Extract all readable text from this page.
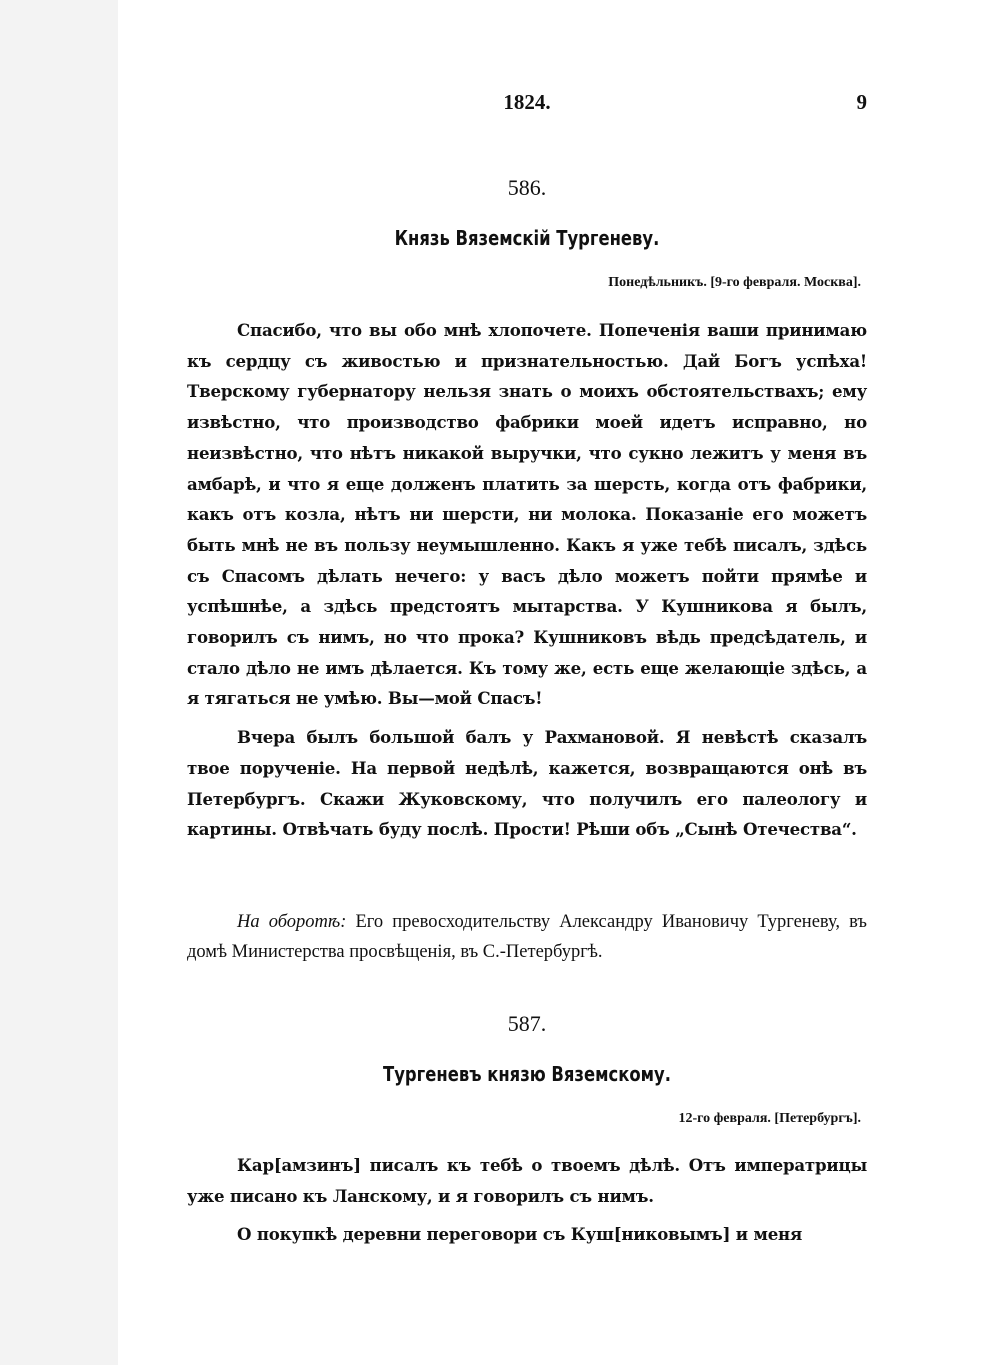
1824.	9
586.
Князь Вяземскій Тургеневу.
Понедѣльникъ. [9-го февраля. Москва].

Спасибо, что вы обо мнѣ хлопочете. Попеченія ваши принимаю къ сердцу съ живостью и признательностью. Дай Богъ успѣха! Тверскому губернатору нельзя знать о моихъ обстоятельствахъ; ему извѣстно, что производство фабрики моей идетъ исправно, но неизвѣстно, что нѣтъ никакой выручки, что сукно лежитъ у меня въ амбарѣ, и что я еще долженъ платить за шерсть, когда отъ фабрики, какъ отъ козла, нѣтъ ни шерсти, ни молока. Показаніе его можетъ быть мнѣ не въ пользу неумышленно. Какъ я уже тебѣ писалъ, здѣсь съ Спасомъ дѣлать нечего: у васъ дѣло можетъ пойти прямѣе и успѣшнѣе, а здѣсь предстоятъ мытарства. У Кушникова я былъ, говорилъ съ нимъ, но что прока? Кушниковъ вѣдь предсѣдатель, и стало дѣло не имъ дѣлается. Къ тому же, есть еще желающіе здѣсь, а я тягаться не умѣю. Вы—мой Спасъ!

Вчера былъ большой балъ у Рахмановой. Я невѣстѣ сказалъ твое порученіе. На первой недѣлѣ, кажется, возвращаются онѣ въ Петербургъ. Скажи Жуковскому, что получилъ его палеологу и картины. Отвѣчать буду послѣ. Прости! Рѣши объ „Сынѣ Отечества“.

На оборотѣ: Его превосходительству Александру Ивановичу Тургеневу, въ домѣ Министерства просвѣщенія, въ С.-Петербургѣ.
587.
Тургеневъ князю Вяземскому.
12-го февраля. [Петербургъ].

Кар[амзинъ] писалъ къ тебѣ о твоемъ дѣлѣ. Отъ императрицы уже писано къ Ланскому, и я говорилъ съ нимъ.

О покупкѣ деревни переговори съ Куш[никовымъ] и меня
